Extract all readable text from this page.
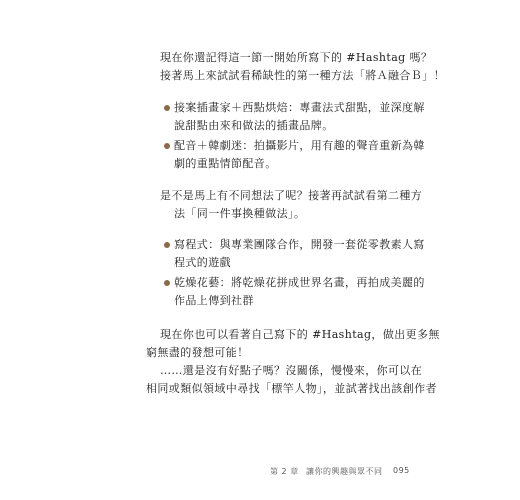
現在你還記得這一節一開始所寫下的 #Hashtag 嗎？
接著馬上來試試看稀缺性的第一種方法「將Ａ融合Ｂ」！
接案插畫家＋西點烘焙：專畫法式甜點，並深度解
說甜點由來和做法的插畫品牌。
配音＋韓劇迷：拍攝影片，用有趣的聲音重新為韓
劇的重點情節配音。
是不是馬上有不同想法了呢？接著再試試看第二種方
法「同一件事換種做法」。
寫程式：與專業團隊合作，開發一套從零教素人寫
程式的遊戲
乾燥花藝：將乾燥花拼成世界名畫，再拍成美麗的
作品上傳到社群
現在你也可以看著自己寫下的 #Hashtag，做出更多無
窮無盡的發想可能！
……還是沒有好點子嗎？沒關係，慢慢來，你可以在
相同或類似領域中尋找「標竿人物」，並試著找出該創作者
第 2 章 讓你的興趣與眾不同 095
